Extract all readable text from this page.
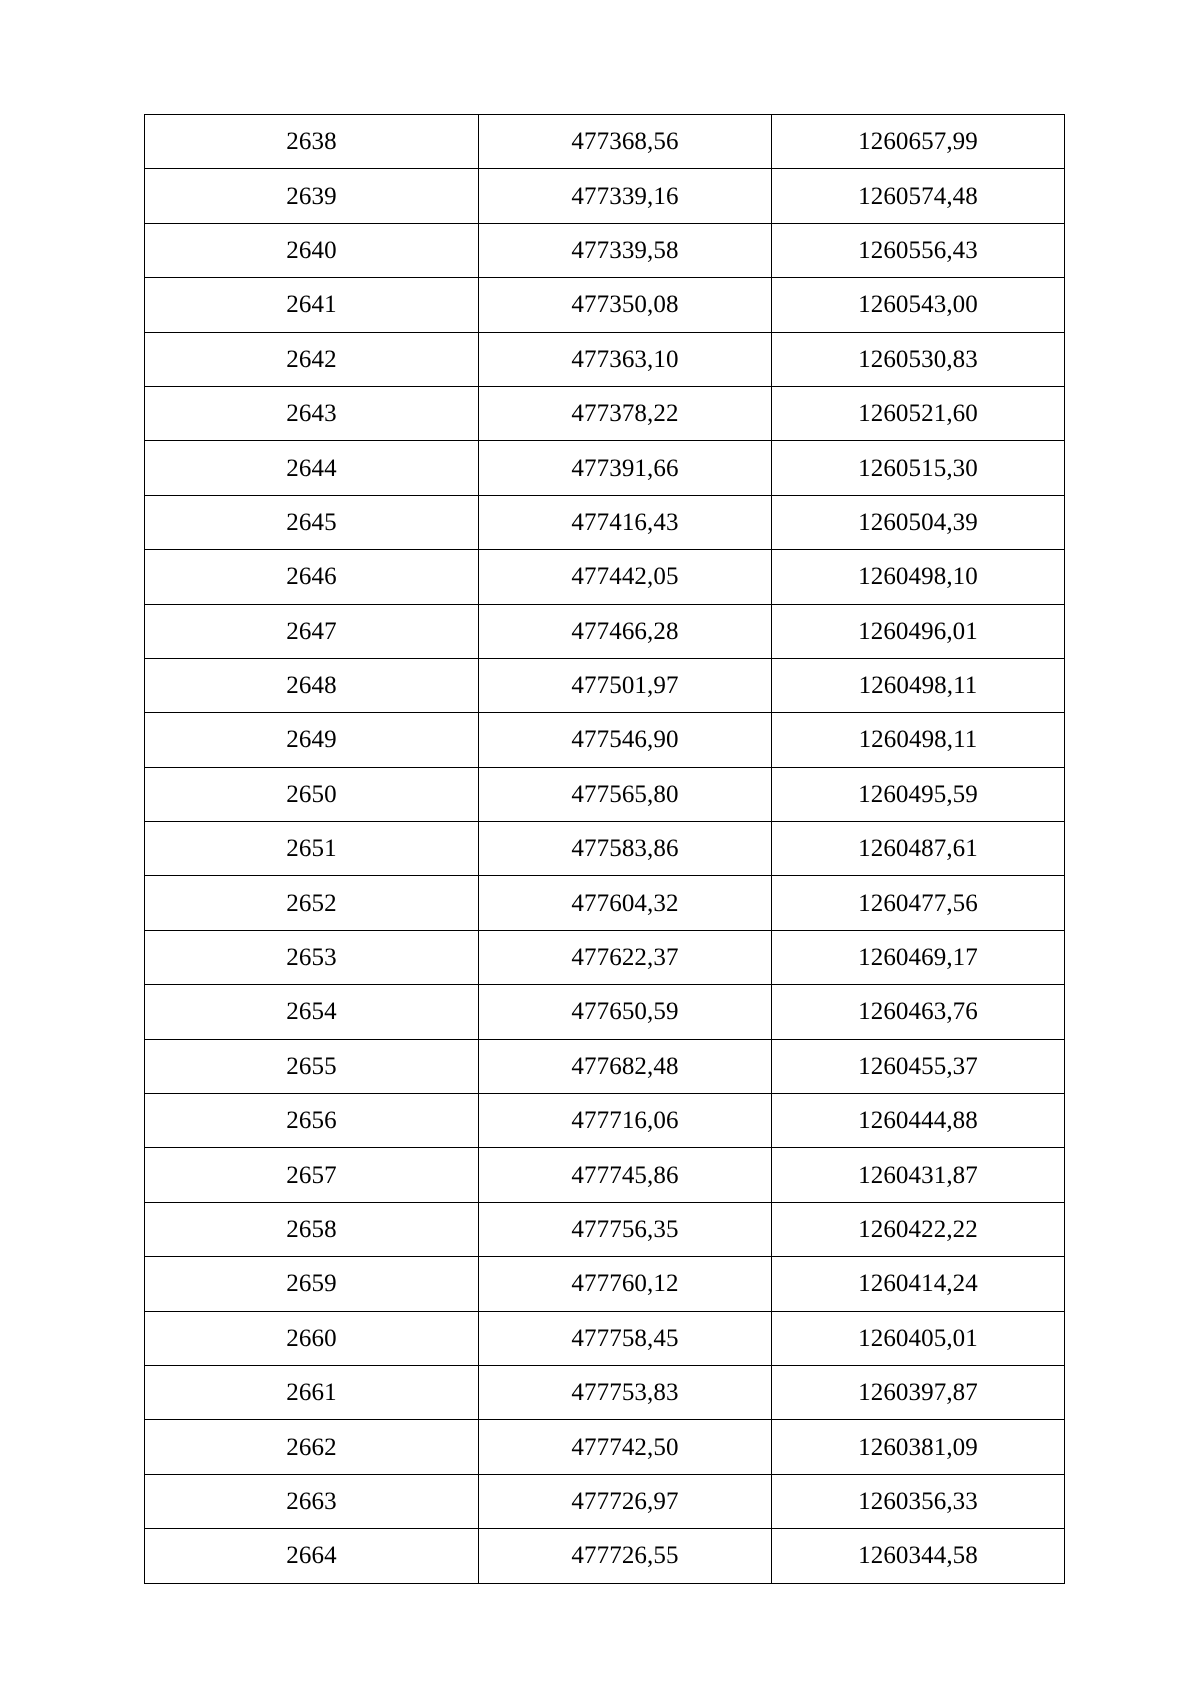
2638	477368,56	1260657,99
2639	477339,16	1260574,48
2640	477339,58	1260556,43
2641	477350,08	1260543,00
2642	477363,10	1260530,83
2643	477378,22	1260521,60
2644	477391,66	1260515,30
2645	477416,43	1260504,39
2646	477442,05	1260498,10
2647	477466,28	1260496,01
2648	477501,97	1260498,11
2649	477546,90	1260498,11
2650	477565,80	1260495,59
2651	477583,86	1260487,61
2652	477604,32	1260477,56
2653	477622,37	1260469,17
2654	477650,59	1260463,76
2655	477682,48	1260455,37
2656	477716,06	1260444,88
2657	477745,86	1260431,87
2658	477756,35	1260422,22
2659	477760,12	1260414,24
2660	477758,45	1260405,01
2661	477753,83	1260397,87
2662	477742,50	1260381,09
2663	477726,97	1260356,33
2664	477726,55	1260344,58
